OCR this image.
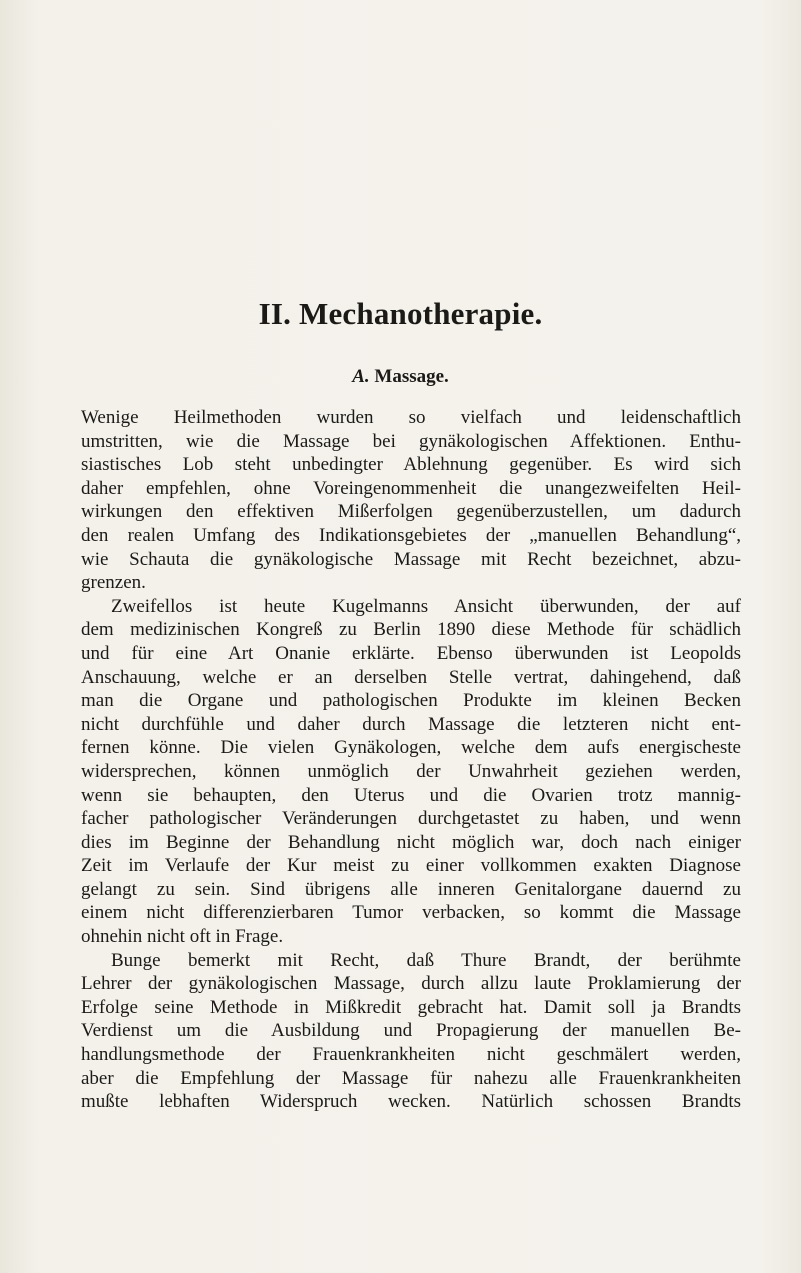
II. Mechanotherapie.
A. Massage.
Wenige Heilmethoden wurden so vielfach und leidenschaftlich
umstritten, wie die Massage bei gynäkologischen Affektionen. Enthu-
siastisches Lob steht unbedingter Ablehnung gegenüber. Es wird sich
daher empfehlen, ohne Voreingenommenheit die unangezweifelten Heil-
wirkungen den effektiven Mißerfolgen gegenüberzustellen, um dadurch
den realen Umfang des Indikationsgebietes der „manuellen Behandlung“,
wie Schauta die gynäkologische Massage mit Recht bezeichnet, abzu-
grenzen.
Zweifellos ist heute Kugelmanns Ansicht überwunden, der auf
dem medizinischen Kongreß zu Berlin 1890 diese Methode für schädlich
und für eine Art Onanie erklärte. Ebenso überwunden ist Leopolds
Anschauung, welche er an derselben Stelle vertrat, dahingehend, daß
man die Organe und pathologischen Produkte im kleinen Becken
nicht durchfühle und daher durch Massage die letzteren nicht ent-
fernen könne. Die vielen Gynäkologen, welche dem aufs energischeste
widersprechen, können unmöglich der Unwahrheit geziehen werden,
wenn sie behaupten, den Uterus und die Ovarien trotz mannig-
facher pathologischer Veränderungen durchgetastet zu haben, und wenn
dies im Beginne der Behandlung nicht möglich war, doch nach einiger
Zeit im Verlaufe der Kur meist zu einer vollkommen exakten Diagnose
gelangt zu sein. Sind übrigens alle inneren Genitalorgane dauernd zu
einem nicht differenzierbaren Tumor verbacken, so kommt die Massage
ohnehin nicht oft in Frage.
Bunge bemerkt mit Recht, daß Thure Brandt, der berühmte
Lehrer der gynäkologischen Massage, durch allzu laute Proklamierung der
Erfolge seine Methode in Mißkredit gebracht hat. Damit soll ja Brandts
Verdienst um die Ausbildung und Propagierung der manuellen Be-
handlungsmethode der Frauenkrankheiten nicht geschmälert werden,
aber die Empfehlung der Massage für nahezu alle Frauenkrankheiten
mußte lebhaften Widerspruch wecken. Natürlich schossen Brandts
